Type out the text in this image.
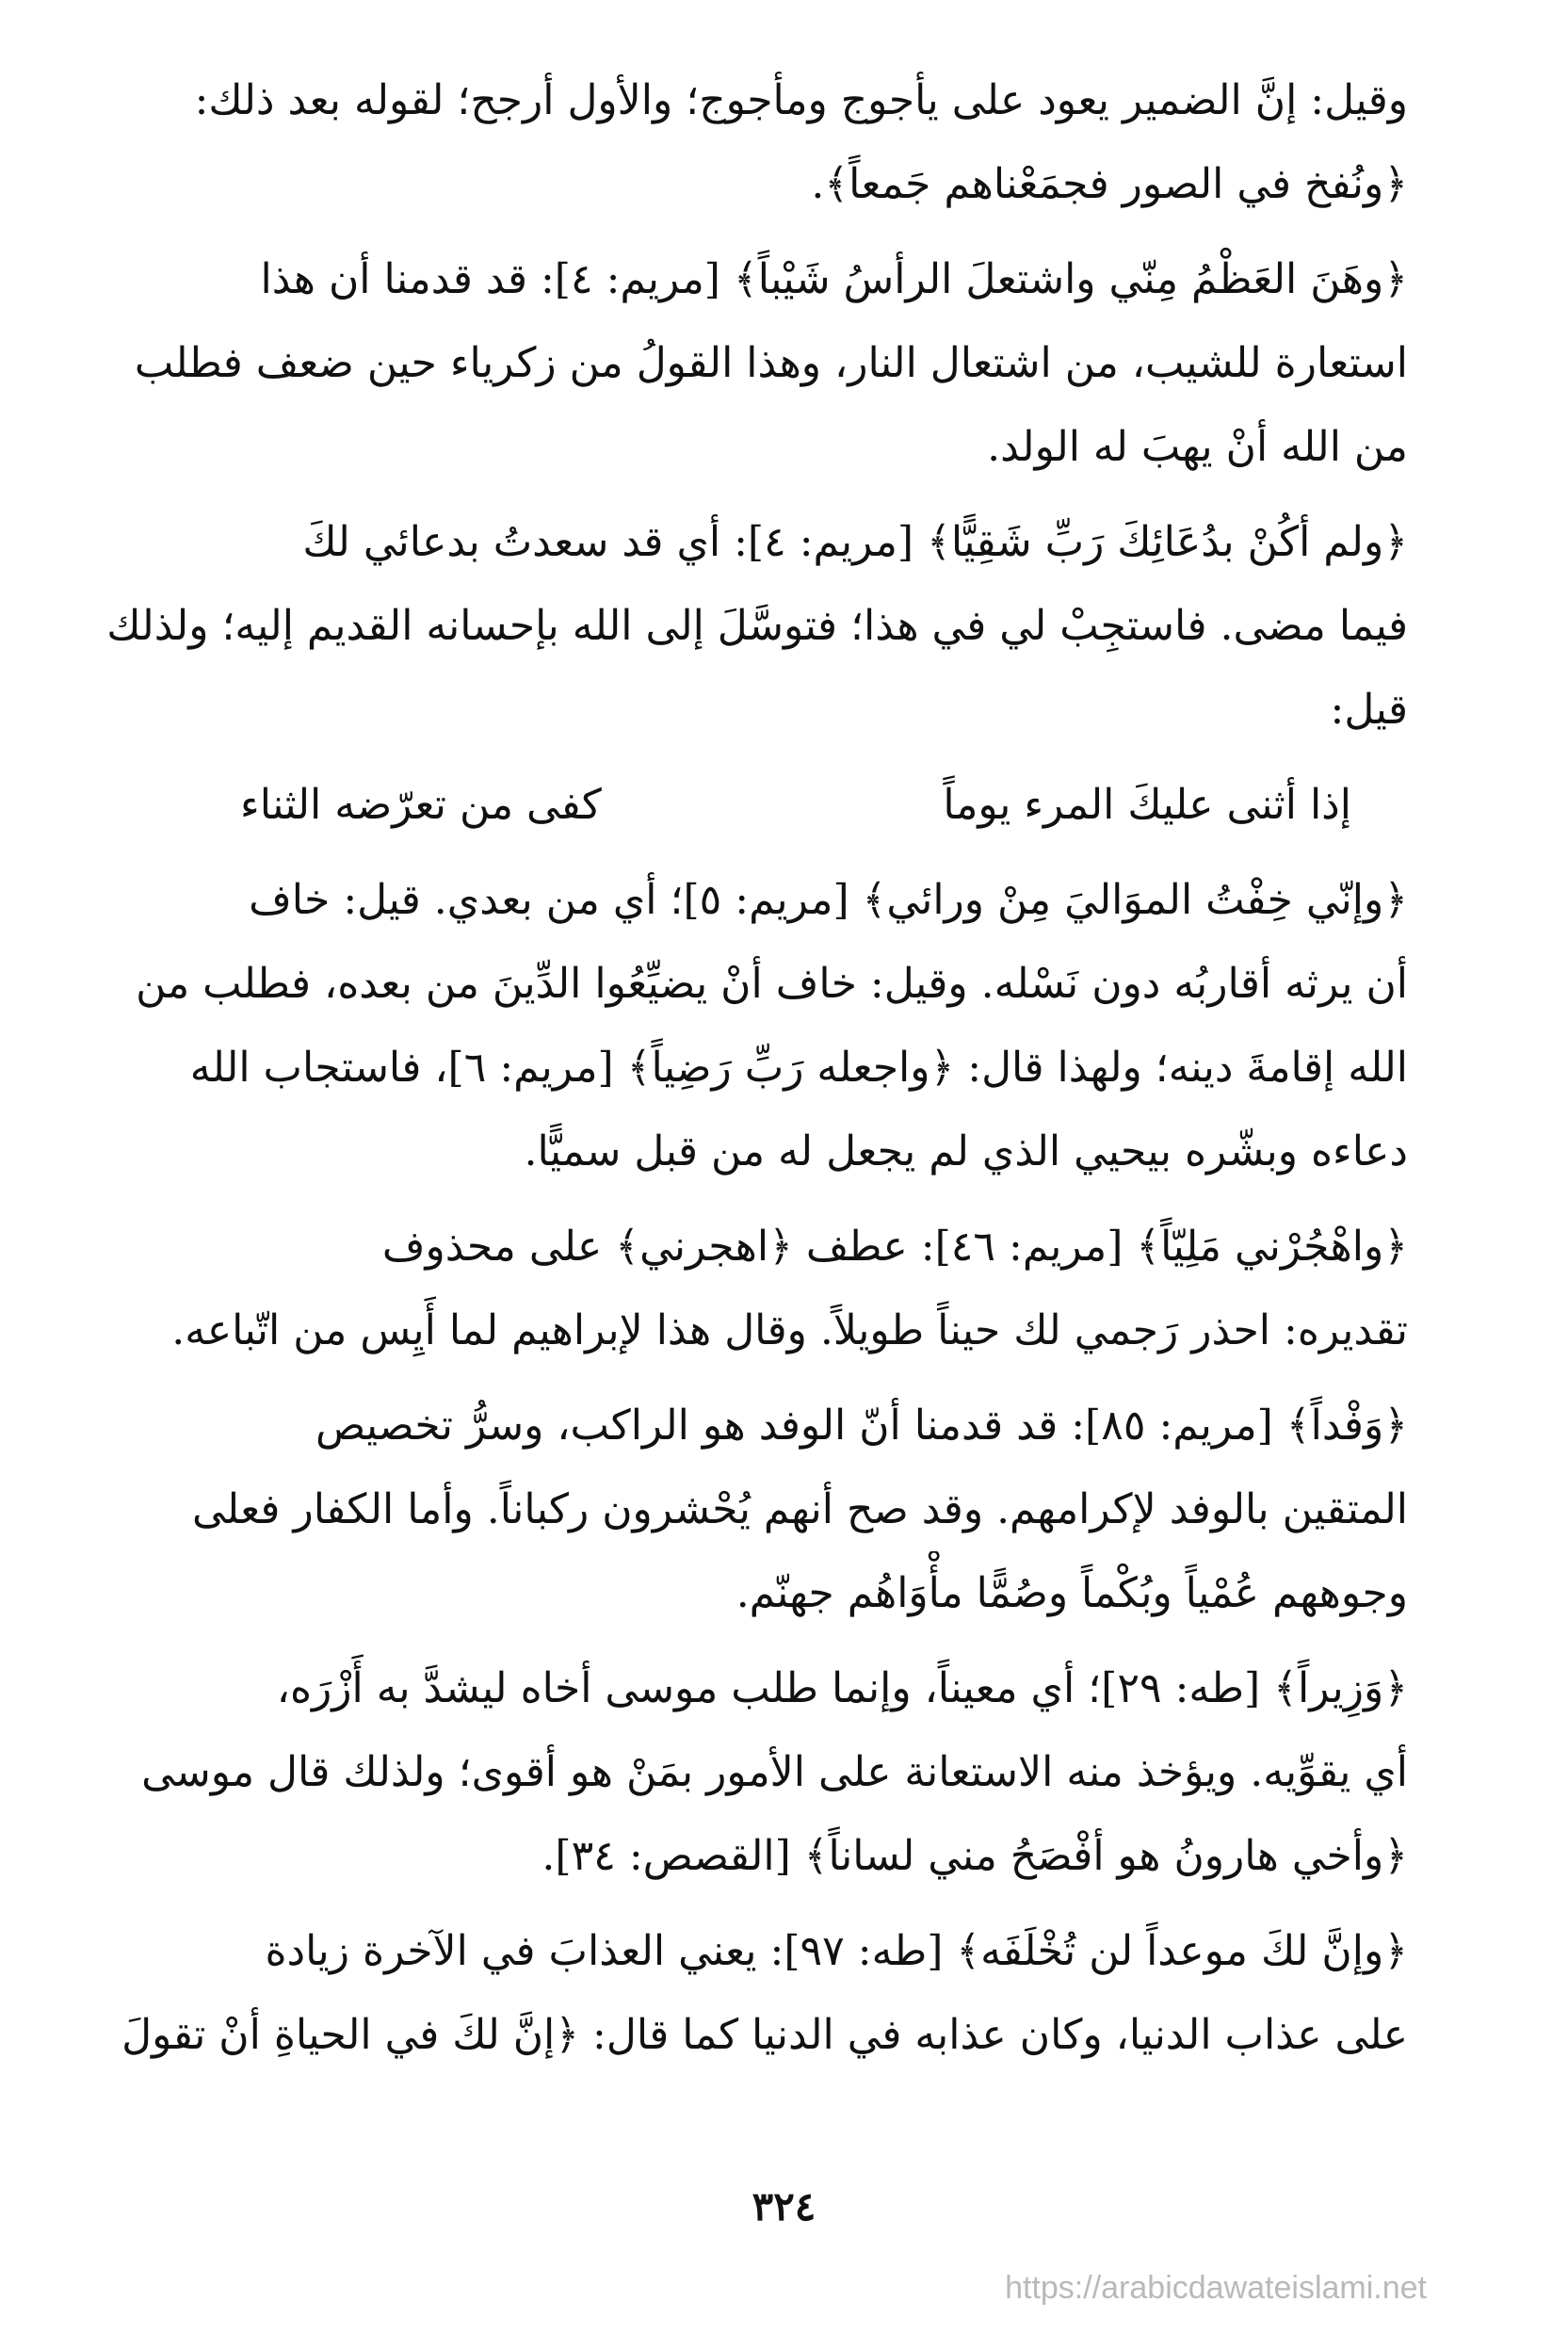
وقيل: إنَّ الضمير يعود على يأجوج ومأجوج؛ والأول أرجح؛ لقوله بعد ذلك:
﴿ونُفخ في الصور فجمَعْناهم جَمعاً﴾.
﴿وهَنَ العَظْمُ مِنّي واشتعلَ الرأسُ شَيْباً﴾ [مريم: ٤]: قد قدمنا أن هذا
استعارة للشيب، من اشتعال النار، وهذا القولُ من زكرياء حين ضعف فطلب
من الله أنْ يهبَ له الولد.
﴿ولم أكُنْ بدُعَائِكَ رَبِّ شَقِيًّا﴾ [مريم: ٤]: أي قد سعدتُ بدعائي لكَ
فيما مضى. فاستجِبْ لي في هذا؛ فتوسَّلَ إلى الله بإحسانه القديم إليه؛ ولذلك
قيل:
إذا أثنى عليكَ المرء يوماً
كفى من تعرّضه الثناء
﴿وإنّي خِفْتُ الموَاليَ مِنْ ورائي﴾ [مريم: ٥]؛ أي من بعدي. قيل: خاف
أن يرثه أقاربُه دون نَسْله. وقيل: خاف أنْ يضيِّعُوا الدِّينَ من بعده، فطلب من
الله إقامةَ دينه؛ ولهذا قال: ﴿واجعله رَبِّ رَضِياً﴾ [مريم: ٦]، فاستجاب الله
دعاءه وبشّره بيحيي الذي لم يجعل له من قبل سميًّا.
﴿واهْجُرْني مَلِيّاً﴾ [مريم: ٤٦]: عطف ﴿اهجرني﴾ على محذوف
تقديره: احذر رَجمي لك حيناً طويلاً. وقال هذا لإبراهيم لما أَيِس من اتّباعه.
﴿وَفْداً﴾ [مريم: ٨٥]: قد قدمنا أنّ الوفد هو الراكب، وسرُّ تخصيص
المتقين بالوفد لإكرامهم. وقد صح أنهم يُحْشرون ركباناً. وأما الكفار فعلى
وجوههم عُمْياً وبُكْماً وصُمًّا مأْوَاهُم جهنّم.
﴿وَزِيراً﴾ [طه: ٢٩]؛ أي معيناً، وإنما طلب موسى أخاه ليشدَّ به أَزْرَه،
أي يقوِّيه. ويؤخذ منه الاستعانة على الأمور بمَنْ هو أقوى؛ ولذلك قال موسى
﴿وأخي هارونُ هو أفْصَحُ مني لساناً﴾ [القصص: ٣٤].
﴿وإنَّ لكَ موعداً لن تُخْلَفَه﴾ [طه: ٩٧]: يعني العذابَ في الآخرة زيادة
على عذاب الدنيا، وكان عذابه في الدنيا كما قال: ﴿إنَّ لكَ في الحياةِ أنْ تقولَ
٣٢٤
https://arabicdawateislami.net
